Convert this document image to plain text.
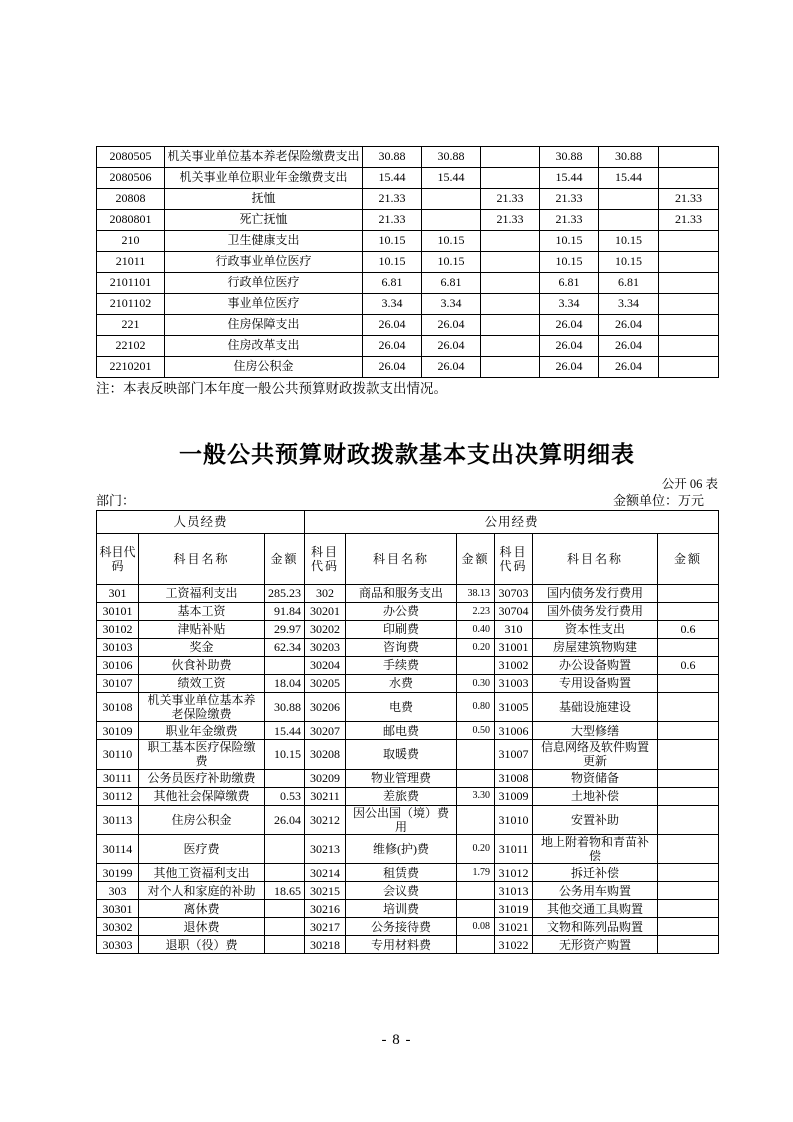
2080505	机关事业单位基本养老保险缴费支出	30.88	30.88		30.88	30.88	
2080506	机关事业单位职业年金缴费支出	15.44	15.44		15.44	15.44	
20808	抚恤	21.33		21.33	21.33		21.33
2080801	死亡抚恤	21.33		21.33	21.33		21.33
210	卫生健康支出	10.15	10.15		10.15	10.15	
21011	行政事业单位医疗	10.15	10.15		10.15	10.15	
2101101	行政单位医疗	6.81	6.81		6.81	6.81	
2101102	事业单位医疗	3.34	3.34		3.34	3.34	
221	住房保障支出	26.04	26.04		26.04	26.04	
22102	住房改革支出	26.04	26.04		26.04	26.04	
2210201	住房公积金	26.04	26.04		26.04	26.04	
注：本表反映部门本年度一般公共预算财政拨款支出情况。
一般公共预算财政拨款基本支出决算明细表
公开 06 表
部门：	金额单位：万元
人员经费			公用经费					
科目代码	科目名称	金额	科目代码	科目名称	金额	科目代码	科目名称	金额
301	工资福利支出	285.23	302	商品和服务支出	38.13	30703	国内债务发行费用	
30101	基本工资	91.84	30201	办公费	2.23	30704	国外债务发行费用	
30102	津贴补贴	29.97	30202	印刷费	0.40	310	资本性支出	0.6
30103	奖金	62.34	30203	咨询费	0.20	31001	房屋建筑物购建	
30106	伙食补助费		30204	手续费		31002	办公设备购置	0.6
30107	绩效工资	18.04	30205	水费	0.30	31003	专用设备购置	
30108	机关事业单位基本养老保险缴费	30.88	30206	电费	0.80	31005	基础设施建设	
30109	职业年金缴费	15.44	30207	邮电费	0.50	31006	大型修缮	
30110	职工基本医疗保险缴费	10.15	30208	取暖费		31007	信息网络及软件购置更新	
30111	公务员医疗补助缴费		30209	物业管理费		31008	物资储备	
30112	其他社会保障缴费	0.53	30211	差旅费	3.30	31009	土地补偿	
30113	住房公积金	26.04	30212	因公出国（境）费用		31010	安置补助	
30114	医疗费		30213	维修(护)费	0.20	31011	地上附着物和青苗补偿	
30199	其他工资福利支出		30214	租赁费	1.79	31012	拆迁补偿	
303	对个人和家庭的补助	18.65	30215	会议费		31013	公务用车购置	
30301	离休费		30216	培训费		31019	其他交通工具购置	
30302	退休费		30217	公务接待费	0.08	31021	文物和陈列品购置	
30303	退职（役）费		30218	专用材料费		31022	无形资产购置	
- 8 -
